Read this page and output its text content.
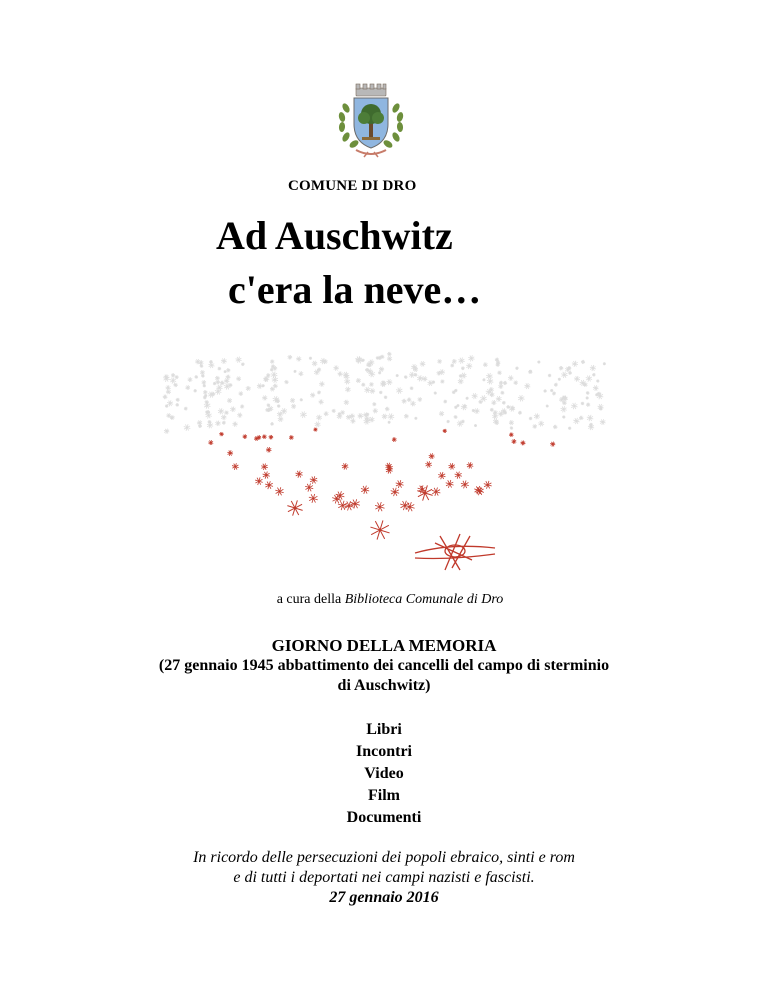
COMUNE DI DRO
Ad Auschwitz
c'era la neve…
a cura della Biblioteca Comunale di Dro
GIORNO DELLA MEMORIA
(27 gennaio 1945 abbattimento dei cancelli del campo di sterminio
di Auschwitz)
Libri
Incontri
Video
Film
Documenti
In ricordo delle persecuzioni dei popoli ebraico, sinti e rom
e di tutti i deportati nei campi nazisti e fascisti.
27 gennaio 2016
